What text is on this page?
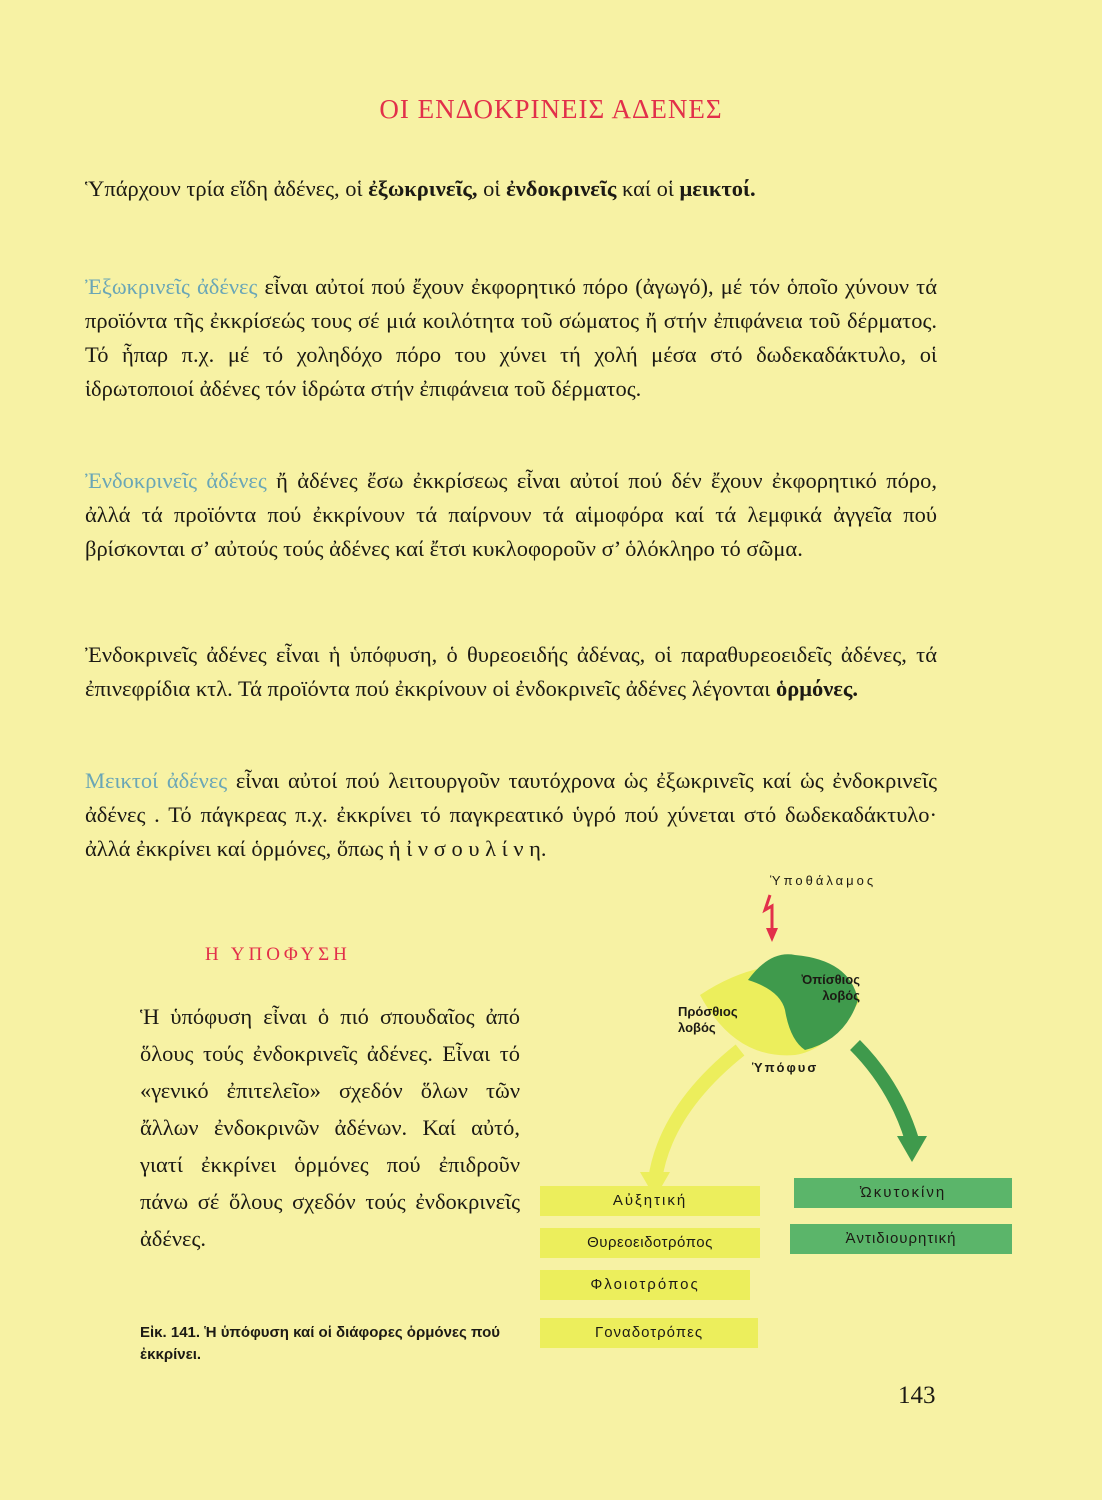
ΟΙ ΕΝΔΟΚΡΙΝΕΙΣ ΑΔΕΝΕΣ
Ὑπάρχουν τρία εἴδη ἀδένες, οἱ ἐξωκρινεῖς, οἱ ἐνδοκρινεῖς καί οἱ μεικτοί.
Ἐξωκρινεῖς ἀδένες εἶναι αὐτοί πού ἔχουν ἐκφορητικό πόρο (ἀγωγό), μέ τόν ὁποῖο χύνουν τά προϊόντα τῆς ἐκκρίσεώς τους σέ μιά κοιλότητα τοῦ σώματος ἤ στήν ἐπιφάνεια τοῦ δέρματος. Τό ἧπαρ π.χ. μέ τό χοληδόχο πόρο του χύνει τή χολή μέσα στό δωδεκαδάκτυλο, οἱ ἱδρωτοποιοί ἀδένες τόν ἱδρώτα στήν ἐπιφάνεια τοῦ δέρματος.
Ἐνδοκρινεῖς ἀδένες ἤ ἀδένες ἔσω ἐκκρίσεως εἶναι αὐτοί πού δέν ἔχουν ἐκφορητικό πόρο, ἀλλά τά προϊόντα πού ἐκκρίνουν τά παίρνουν τά αἱμοφόρα καί τά λεμφικά ἀγγεῖα πού βρίσκονται σ’ αὐτούς τούς ἀδένες καί ἔτσι κυκλοφοροῦν σ’ ὁλόκληρο τό σῶμα.
Ἐνδοκρινεῖς ἀδένες εἶναι ἡ ὑπόφυση, ὁ θυρεοειδής ἀδένας, οἱ παραθυρεοειδεῖς ἀδένες, τά ἐπινεφρίδια κτλ. Τά προϊόντα πού ἐκκρίνουν οἱ ἐνδοκρινεῖς ἀδένες λέγονται ὁρμόνες.
Μεικτοί ἀδένες εἶναι αὐτοί πού λειτουργοῦν ταυτόχρονα ὡς ἐξωκρινεῖς καί ὡς ἐνδοκρινεῖς ἀδένες . Τό πάγκρεας π.χ. ἐκκρίνει τό παγκρεατικό ὑγρό πού χύνεται στό δωδεκαδάκτυλο· ἀλλά ἐκκρίνει καί ὁρμόνες, ὅπως ἡ ἰ ν σ ο υ λ ί ν η.
Η ΥΠΟΦΥΣΗ
Ἡ ὑπόφυση εἶναι ὁ πιό σπουδαῖος ἀπό ὅλους τούς ἐνδοκρινεῖς ἀδένες. Εἶναι τό «γενικό ἐπιτελεῖο» σχεδόν ὅλων τῶν ἄλλων ἐνδοκρινῶν ἀδένων. Καί αὐτό, γιατί ἐκκρίνει ὁρμόνες πού ἐπιδροῦν πάνω σέ ὅλους σχεδόν τούς ἐνδοκρινεῖς ἀδένες.
Εἰκ. 141. Ἡ ὑπόφυση καί οἱ διάφορες ὁρμόνες πού ἐκκρίνει.
143
Ὑποθάλαμος
Ὀπίσθιος λοβός
Πρόσθιος λοβός
Ὑπόφυσ
Αὐξητική
Θυρεοειδοτρόπος
Φλοιοτρόπος
Γοναδοτρόπες
Ὠκυτοκίνη
Ἀντιδιουρητική
